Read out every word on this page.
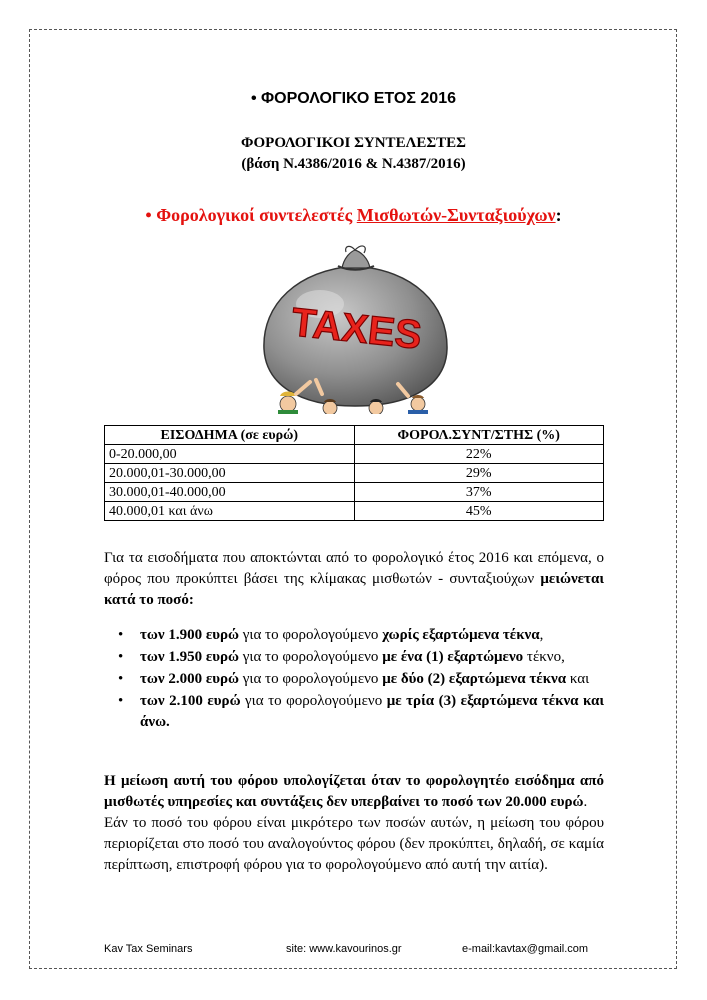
• ΦΟΡΟΛΟΓΙΚΟ ΕΤΟΣ 2016
ΦΟΡΟΛΟΓΙΚΟΙ ΣΥΝΤΕΛΕΣΤΕΣ
(βάση Ν.4386/2016 & Ν.4387/2016)
• Φορολογικοί συντελεστές Μισθωτών-Συνταξιούχων:
TAXES
ΕΙΣΟΔΗΜΑ (σε ευρώ)	ΦΟΡΟΛ.ΣΥΝΤ/ΣΤΗΣ (%)
0-20.000,00	22%
20.000,01-30.000,00	29%
30.000,01-40.000,00	37%
40.000,01 και άνω	45%
Για τα εισοδήματα που αποκτώνται από το φορολογικό έτος 2016 και επόμενα, ο φόρος που προκύπτει βάσει της κλίμακας μισθωτών - συνταξιούχων μειώνεται κατά το ποσό:
• των 1.900 ευρώ για το φορολογούμενο χωρίς εξαρτώμενα τέκνα,
• των 1.950 ευρώ για το φορολογούμενο με ένα (1) εξαρτώμενο τέκνο,
• των 2.000 ευρώ για το φορολογούμενο με δύο (2) εξαρτώμενα τέκνα και
• των 2.100 ευρώ για το φορολογούμενο με τρία (3) εξαρτώμενα τέκνα και άνω.
Η μείωση αυτή του φόρου υπολογίζεται όταν το φορολογητέο εισόδημα από μισθωτές υπηρεσίες και συντάξεις δεν υπερβαίνει το ποσό των 20.000 ευρώ.
Εάν το ποσό του φόρου είναι μικρότερο των ποσών αυτών, η μείωση του φόρου περιορίζεται στο ποσό του αναλογούντος φόρου (δεν προκύπτει, δηλαδή, σε καμία περίπτωση, επιστροφή φόρου για το φορολογούμενο από αυτή την αιτία).
Kav Tax Seminars	site: www.kavourinos.gr	e-mail:kavtax@gmail.com
